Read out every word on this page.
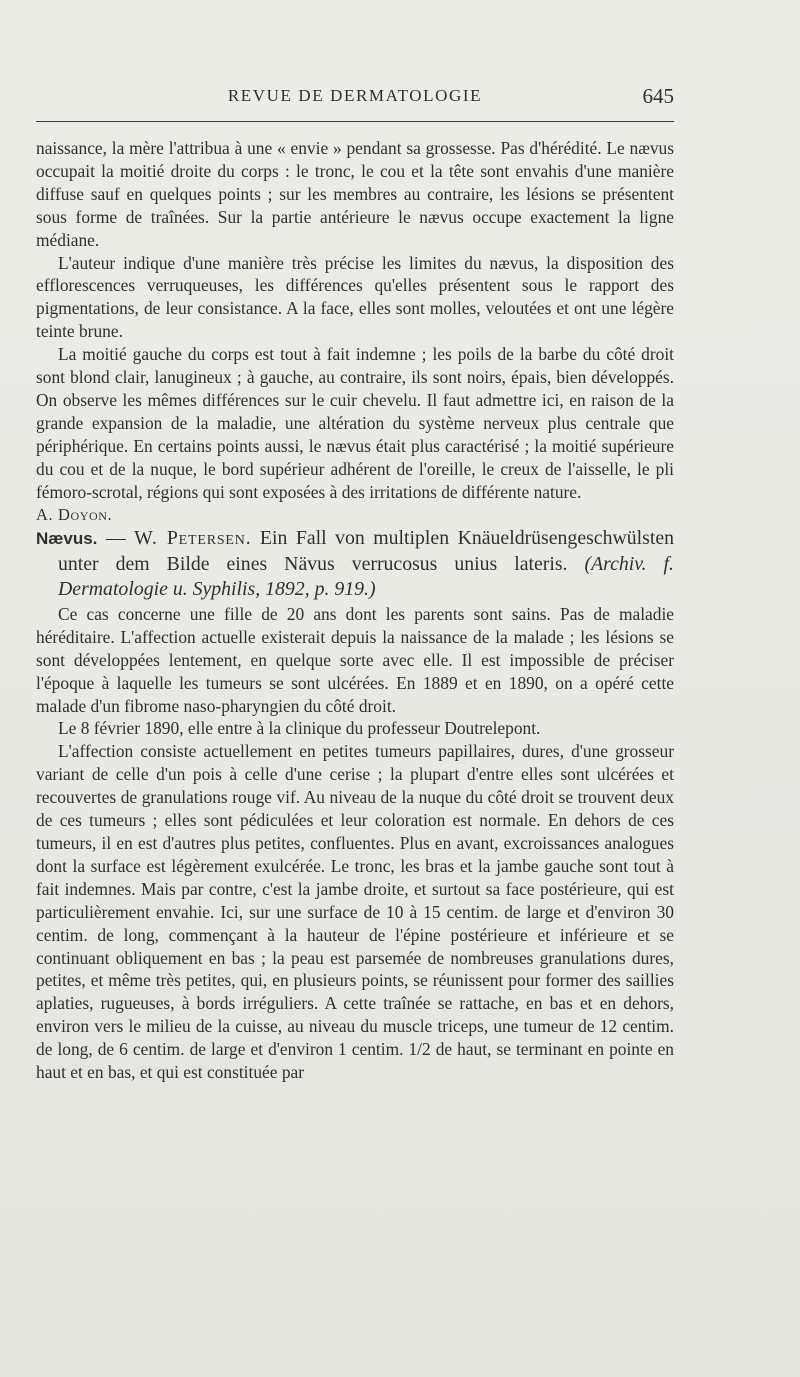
REVUE DE DERMATOLOGIE	645

naissance, la mère l'attribua à une « envie » pendant sa grossesse. Pas d'hérédité. Le nævus occupait la moitié droite du corps : le tronc, le cou et la tête sont envahis d'une manière diffuse sauf en quelques points ; sur les membres au contraire, les lésions se présentent sous forme de traînées. Sur la partie antérieure le nævus occupe exactement la ligne médiane.

L'auteur indique d'une manière très précise les limites du nævus, la disposition des efflorescences verruqueuses, les différences qu'elles présentent sous le rapport des pigmentations, de leur consistance. A la face, elles sont molles, veloutées et ont une légère teinte brune.

La moitié gauche du corps est tout à fait indemne ; les poils de la barbe du côté droit sont blond clair, lanugineux ; à gauche, au contraire, ils sont noirs, épais, bien développés. On observe les mêmes différences sur le cuir chevelu. Il faut admettre ici, en raison de la grande expansion de la maladie, une altération du système nerveux plus centrale que périphérique. En certains points aussi, le nævus était plus caractérisé ; la moitié supérieure du cou et de la nuque, le bord supérieur adhérent de l'oreille, le creux de l'aisselle, le pli fémoro-scrotal, régions qui sont exposées à des irritations de différente nature.

A. Doyon.

Nævus. — W. Petersen. Ein Fall von multiplen Knäueldrüsengeschwülsten unter dem Bilde eines Nävus verrucosus unius lateris. (Archiv. f. Dermatologie u. Syphilis, 1892, p. 919.)

Ce cas concerne une fille de 20 ans dont les parents sont sains. Pas de maladie héréditaire. L'affection actuelle existerait depuis la naissance de la malade ; les lésions se sont développées lentement, en quelque sorte avec elle. Il est impossible de préciser l'époque à laquelle les tumeurs se sont ulcérées. En 1889 et en 1890, on a opéré cette malade d'un fibrome naso-pharyngien du côté droit.

Le 8 février 1890, elle entre à la clinique du professeur Doutrelepont.

L'affection consiste actuellement en petites tumeurs papillaires, dures, d'une grosseur variant de celle d'un pois à celle d'une cerise ; la plupart d'entre elles sont ulcérées et recouvertes de granulations rouge vif. Au niveau de la nuque du côté droit se trouvent deux de ces tumeurs ; elles sont pédiculées et leur coloration est normale. En dehors de ces tumeurs, il en est d'autres plus petites, confluentes. Plus en avant, excroissances analogues dont la surface est légèrement exulcérée. Le tronc, les bras et la jambe gauche sont tout à fait indemnes. Mais par contre, c'est la jambe droite, et surtout sa face postérieure, qui est particulièrement envahie. Ici, sur une surface de 10 à 15 centim. de large et d'environ 30 centim. de long, commençant à la hauteur de l'épine postérieure et inférieure et se continuant obliquement en bas ; la peau est parsemée de nombreuses granulations dures, petites, et même très petites, qui, en plusieurs points, se réunissent pour former des saillies aplaties, rugueuses, à bords irréguliers. A cette traînée se rattache, en bas et en dehors, environ vers le milieu de la cuisse, au niveau du muscle triceps, une tumeur de 12 centim. de long, de 6 centim. de large et d'environ 1 centim. 1/2 de haut, se terminant en pointe en haut et en bas, et qui est constituée par
